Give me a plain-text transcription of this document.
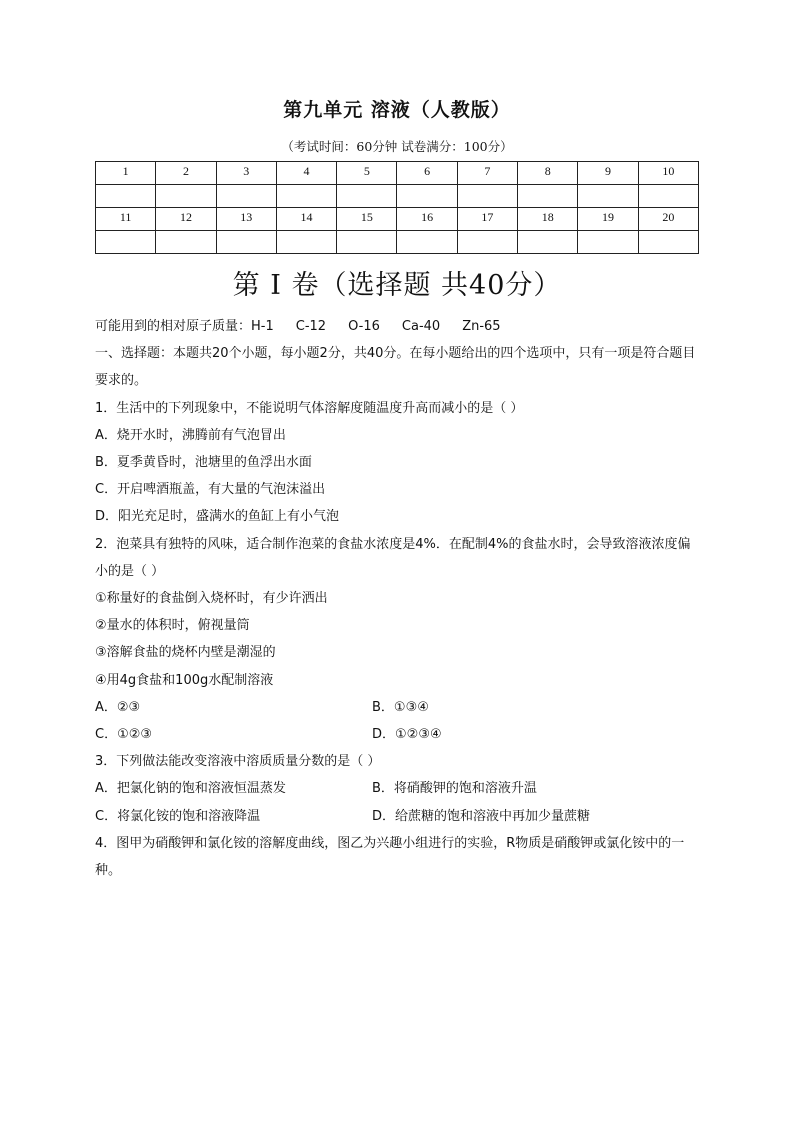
第九单元 溶液（人教版）
（考试时间：60分钟 试卷满分：100分）
1	2	3	4	5	6	7	8	9	10

11	12	13	14	15	16	17	18	19	20

第 I 卷（选择题 共40分）

可能用到的相对原子质量：H-1 C-12 O-16 Ca-40 Zn-65

一、选择题：本题共20个小题，每小题2分，共40分。在每小题给出的四个选项中，只有一项是符合题目要求的。

1．生活中的下列现象中，不能说明气体溶解度随温度升高而减小的是（ ）

A．烧开水时，沸腾前有气泡冒出

B．夏季黄昏时，池塘里的鱼浮出水面

C．开启啤酒瓶盖，有大量的气泡沫溢出

D．阳光充足时，盛满水的鱼缸上有小气泡

2．泡菜具有独特的风味，适合制作泡菜的食盐水浓度是4%．在配制4%的食盐水时，会导致溶液浓度偏小的是（ ）

①称量好的食盐倒入烧杯时，有少许洒出

②量水的体积时，俯视量筒

③溶解食盐的烧杯内壁是潮湿的

④用4g食盐和100g水配制溶液

A．②③	B．①③④
C．①②③	D．①②③④

3．下列做法能改变溶液中溶质质量分数的是（ ）

A．把氯化钠的饱和溶液恒温蒸发	B．将硝酸钾的饱和溶液升温
C．将氯化铵的饱和溶液降温	D．给蔗糖的饱和溶液中再加少量蔗糖

4．图甲为硝酸钾和氯化铵的溶解度曲线，图乙为兴趣小组进行的实验，R物质是硝酸钾或氯化铵中的一种。
